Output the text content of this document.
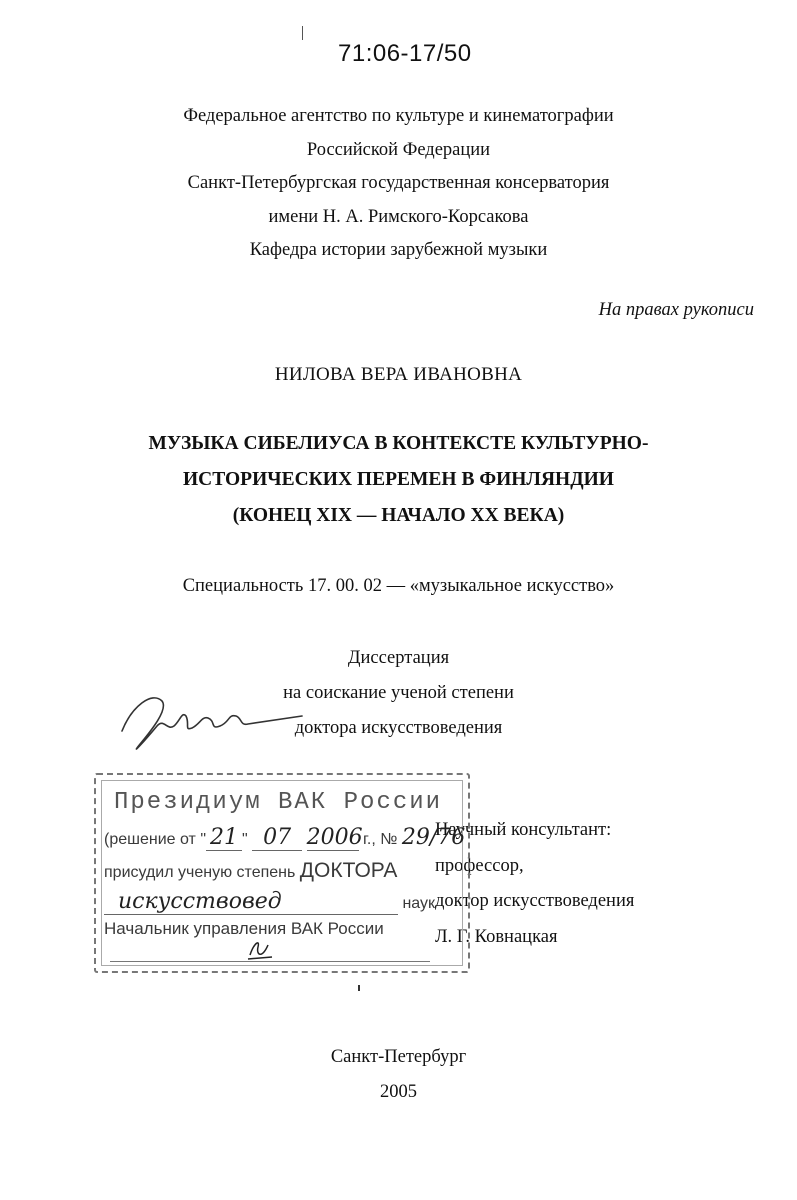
71:06-17/50
Федеральное агентство по культуре и кинематографии
Российской Федерации
Санкт-Петербургская государственная консерватория
имени Н. А. Римского-Корсакова
Кафедра истории зарубежной музыки
На правах рукописи
НИЛОВА ВЕРА ИВАНОВНА
МУЗЫКА СИБЕЛИУСА В КОНТЕКСТЕ КУЛЬТУРНО-
ИСТОРИЧЕСКИХ ПЕРЕМЕН В ФИНЛЯНДИИ
(КОНЕЦ XIX — НАЧАЛО XX ВЕКА)
Специальность 17. 00. 02 — «музыкальное искусство»
Диссертация
на соискание ученой степени
доктора искусствоведения
Научный консультант:
профессор,
доктор искусствоведения
Л. Г. Ковнацкая
Президиум ВАК России
(решение от " 21 " 07 2006 г., № 29/76
присудил ученую степень ДОКТОРА
искусствовед	наук
Начальник управления ВАК России
Санкт-Петербург
2005
